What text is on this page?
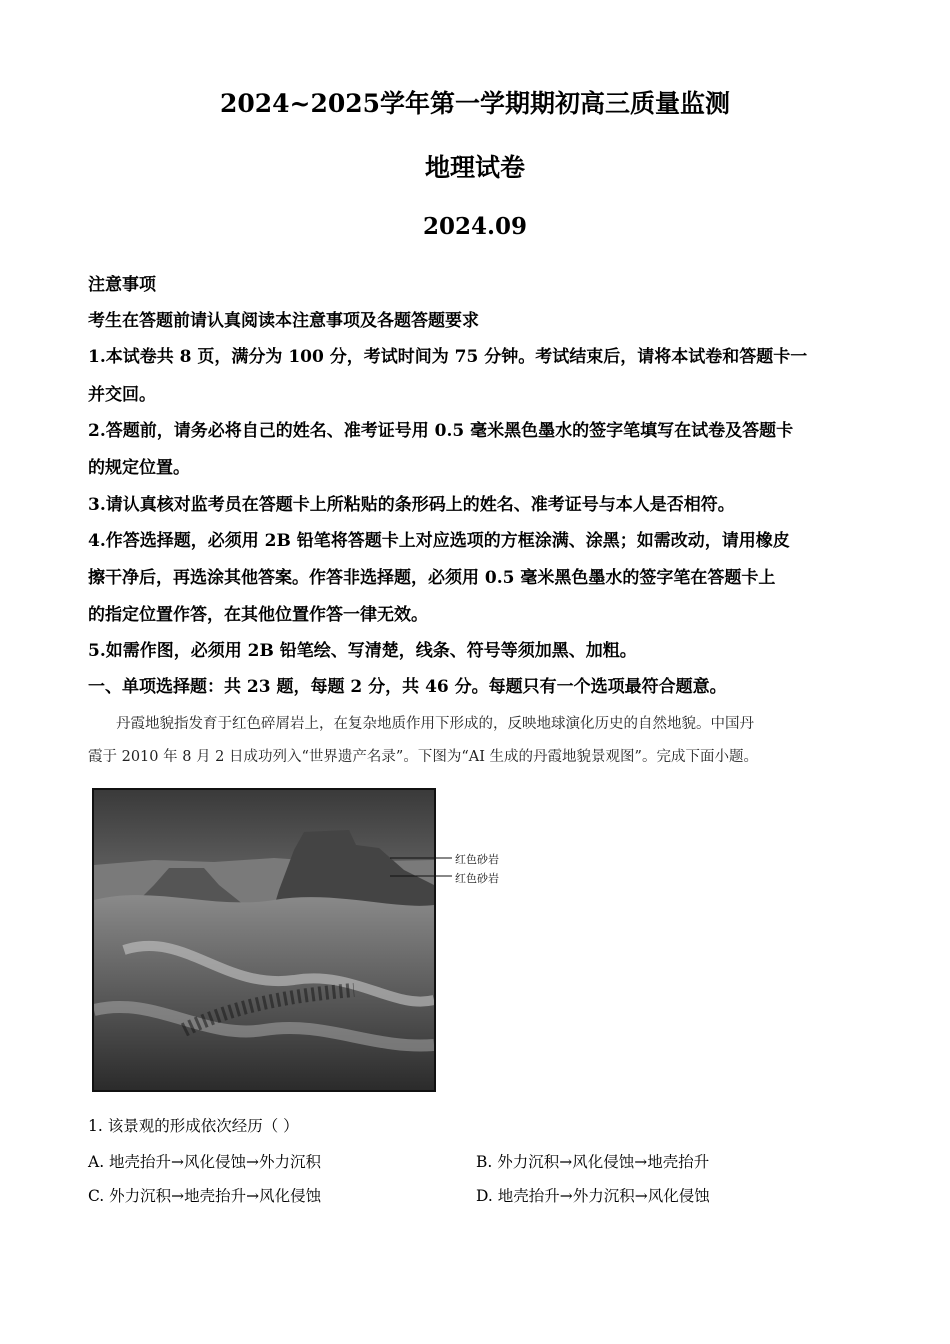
2024~2025学年第一学期期初高三质量监测
地理试卷
2024.09
注意事项
考生在答题前请认真阅读本注意事项及各题答题要求
1.本试卷共 8 页，满分为 100 分，考试时间为 75 分钟。考试结束后，请将本试卷和答题卡一
并交回。
2.答题前，请务必将自己的姓名、准考证号用 0.5 毫米黑色墨水的签字笔填写在试卷及答题卡
的规定位置。
3.请认真核对监考员在答题卡上所粘贴的条形码上的姓名、准考证号与本人是否相符。
4.作答选择题，必须用 2B 铅笔将答题卡上对应选项的方框涂满、涂黑；如需改动，请用橡皮
擦干净后，再选涂其他答案。作答非选择题，必须用 0.5 毫米黑色墨水的签字笔在答题卡上
的指定位置作答，在其他位置作答一律无效。
5.如需作图，必须用 2B 铅笔绘、写清楚，线条、符号等须加黑、加粗。
一、单项选择题：共 23 题，每题 2 分，共 46 分。每题只有一个选项最符合题意。
丹霞地貌指发育于红色碎屑岩上，在复杂地质作用下形成的，反映地球演化历史的自然地貌。中国丹
霞于 2010 年 8 月 2 日成功列入“世界遗产名录”。下图为“AI 生成的丹霞地貌景观图”。完成下面小题。
红色砂岩
红色砂岩
1. 该景观的形成依次经历（ ）
A. 地壳抬升→风化侵蚀→外力沉积	B. 外力沉积→风化侵蚀→地壳抬升
C. 外力沉积→地壳抬升→风化侵蚀	D. 地壳抬升→外力沉积→风化侵蚀
